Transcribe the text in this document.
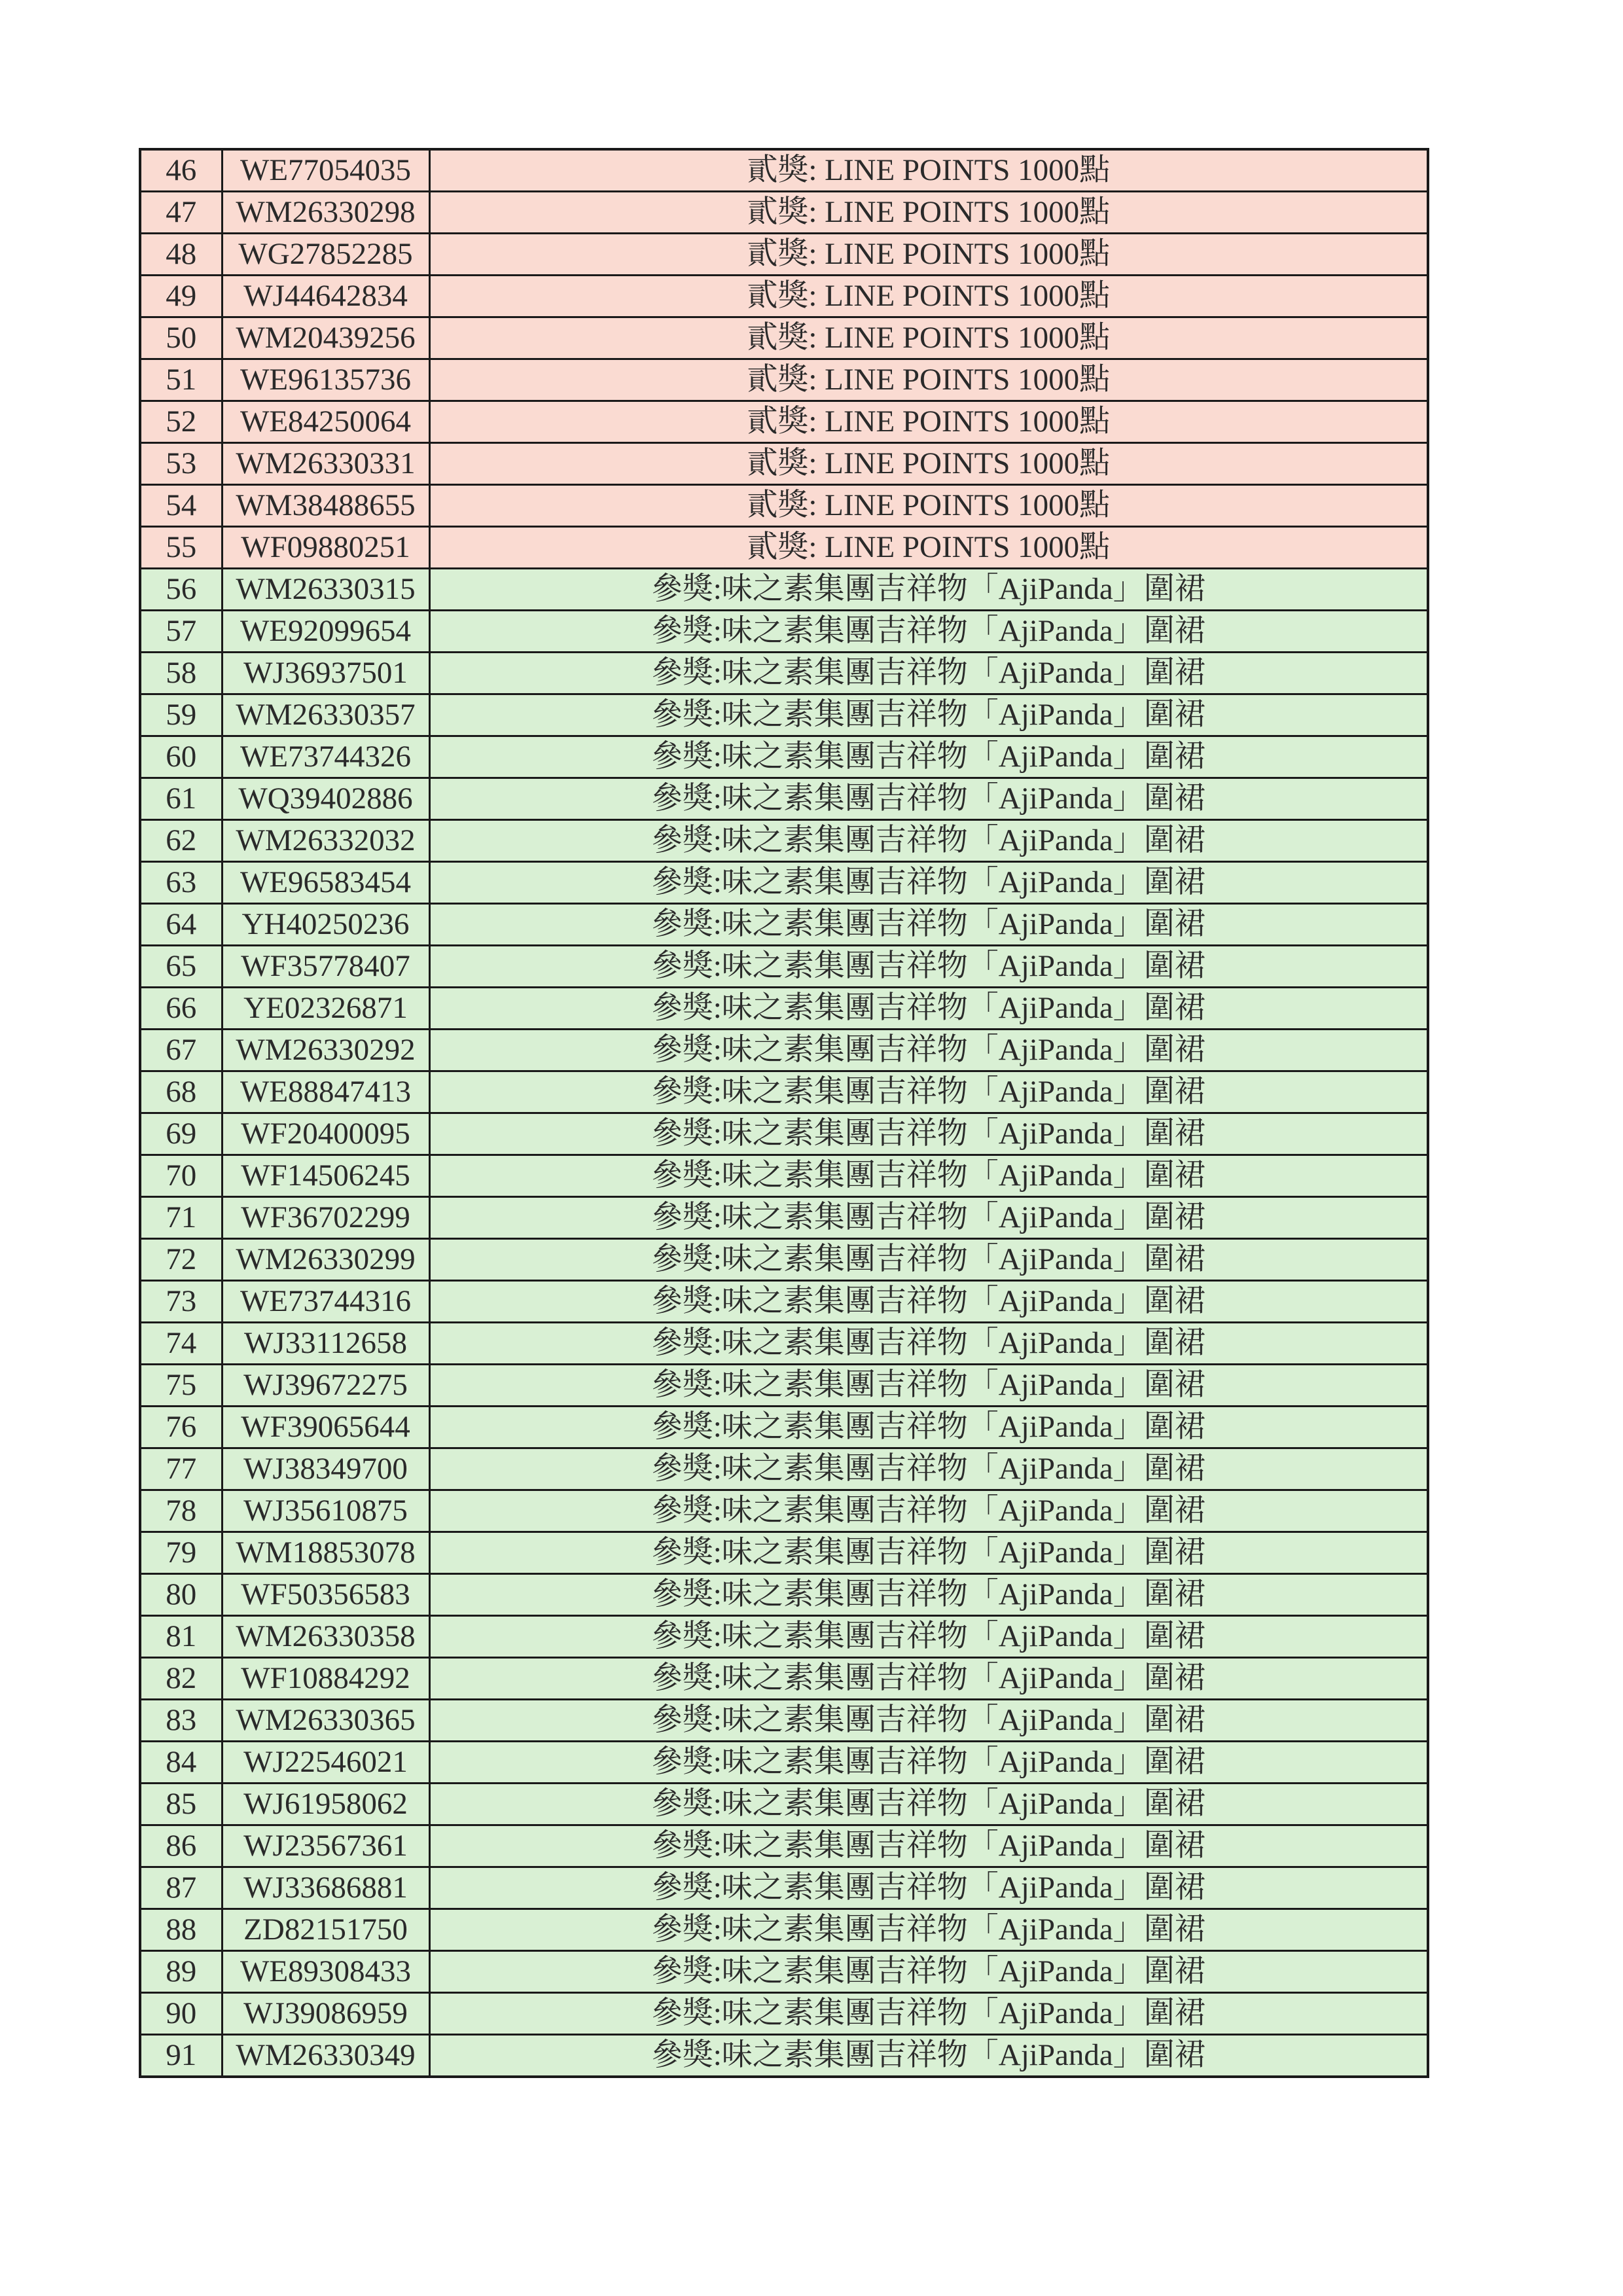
46	WE77054035	貳獎: LINE POINTS 1000點
47	WM26330298	貳獎: LINE POINTS 1000點
48	WG27852285	貳獎: LINE POINTS 1000點
49	WJ44642834	貳獎: LINE POINTS 1000點
50	WM20439256	貳獎: LINE POINTS 1000點
51	WE96135736	貳獎: LINE POINTS 1000點
52	WE84250064	貳獎: LINE POINTS 1000點
53	WM26330331	貳獎: LINE POINTS 1000點
54	WM38488655	貳獎: LINE POINTS 1000點
55	WF09880251	貳獎: LINE POINTS 1000點
56	WM26330315	參獎:味之素集團吉祥物「AjiPanda」圍裙
57	WE92099654	參獎:味之素集團吉祥物「AjiPanda」圍裙
58	WJ36937501	參獎:味之素集團吉祥物「AjiPanda」圍裙
59	WM26330357	參獎:味之素集團吉祥物「AjiPanda」圍裙
60	WE73744326	參獎:味之素集團吉祥物「AjiPanda」圍裙
61	WQ39402886	參獎:味之素集團吉祥物「AjiPanda」圍裙
62	WM26332032	參獎:味之素集團吉祥物「AjiPanda」圍裙
63	WE96583454	參獎:味之素集團吉祥物「AjiPanda」圍裙
64	YH40250236	參獎:味之素集團吉祥物「AjiPanda」圍裙
65	WF35778407	參獎:味之素集團吉祥物「AjiPanda」圍裙
66	YE02326871	參獎:味之素集團吉祥物「AjiPanda」圍裙
67	WM26330292	參獎:味之素集團吉祥物「AjiPanda」圍裙
68	WE88847413	參獎:味之素集團吉祥物「AjiPanda」圍裙
69	WF20400095	參獎:味之素集團吉祥物「AjiPanda」圍裙
70	WF14506245	參獎:味之素集團吉祥物「AjiPanda」圍裙
71	WF36702299	參獎:味之素集團吉祥物「AjiPanda」圍裙
72	WM26330299	參獎:味之素集團吉祥物「AjiPanda」圍裙
73	WE73744316	參獎:味之素集團吉祥物「AjiPanda」圍裙
74	WJ33112658	參獎:味之素集團吉祥物「AjiPanda」圍裙
75	WJ39672275	參獎:味之素集團吉祥物「AjiPanda」圍裙
76	WF39065644	參獎:味之素集團吉祥物「AjiPanda」圍裙
77	WJ38349700	參獎:味之素集團吉祥物「AjiPanda」圍裙
78	WJ35610875	參獎:味之素集團吉祥物「AjiPanda」圍裙
79	WM18853078	參獎:味之素集團吉祥物「AjiPanda」圍裙
80	WF50356583	參獎:味之素集團吉祥物「AjiPanda」圍裙
81	WM26330358	參獎:味之素集團吉祥物「AjiPanda」圍裙
82	WF10884292	參獎:味之素集團吉祥物「AjiPanda」圍裙
83	WM26330365	參獎:味之素集團吉祥物「AjiPanda」圍裙
84	WJ22546021	參獎:味之素集團吉祥物「AjiPanda」圍裙
85	WJ61958062	參獎:味之素集團吉祥物「AjiPanda」圍裙
86	WJ23567361	參獎:味之素集團吉祥物「AjiPanda」圍裙
87	WJ33686881	參獎:味之素集團吉祥物「AjiPanda」圍裙
88	ZD82151750	參獎:味之素集團吉祥物「AjiPanda」圍裙
89	WE89308433	參獎:味之素集團吉祥物「AjiPanda」圍裙
90	WJ39086959	參獎:味之素集團吉祥物「AjiPanda」圍裙
91	WM26330349	參獎:味之素集團吉祥物「AjiPanda」圍裙
